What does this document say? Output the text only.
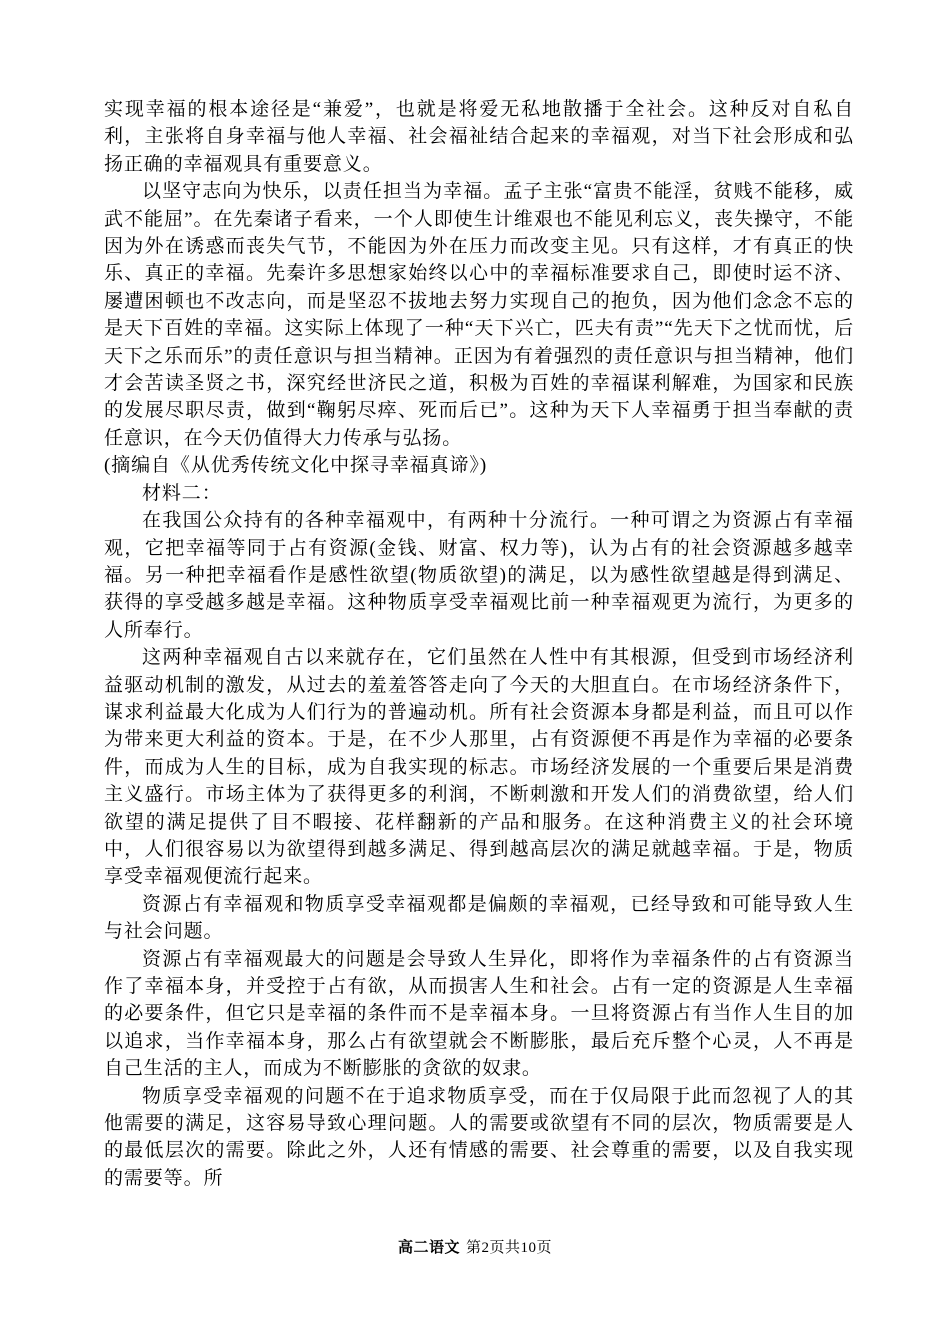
实现幸福的根本途径是“兼爱”，也就是将爱无私地散播于全社会。这种反对自私自利，主张将自身幸福与他人幸福、社会福祉结合起来的幸福观，对当下社会形成和弘扬正确的幸福观具有重要意义。

以坚守志向为快乐，以责任担当为幸福。孟子主张“富贵不能淫，贫贱不能移，威武不能屈”。在先秦诸子看来，一个人即使生计维艰也不能见利忘义，丧失操守，不能因为外在诱惑而丧失气节，不能因为外在压力而改变主见。只有这样，才有真正的快乐、真正的幸福。先秦许多思想家始终以心中的幸福标准要求自己，即使时运不济、屡遭困顿也不改志向，而是坚忍不拔地去努力实现自己的抱负，因为他们念念不忘的是天下百姓的幸福。这实际上体现了一种“天下兴亡，匹夫有责”“先天下之忧而忧，后天下之乐而乐”的责任意识与担当精神。正因为有着强烈的责任意识与担当精神，他们才会苦读圣贤之书，深究经世济民之道，积极为百姓的幸福谋利解难，为国家和民族的发展尽职尽责，做到“鞠躬尽瘁、死而后已”。这种为天下人幸福勇于担当奉献的责任意识，在今天仍值得大力传承与弘扬。

(摘编自《从优秀传统文化中探寻幸福真谛》)

材料二：

在我国公众持有的各种幸福观中，有两种十分流行。一种可谓之为资源占有幸福观，它把幸福等同于占有资源(金钱、财富、权力等)，认为占有的社会资源越多越幸福。另一种把幸福看作是感性欲望(物质欲望)的满足，以为感性欲望越是得到满足、获得的享受越多越是幸福。这种物质享受幸福观比前一种幸福观更为流行，为更多的人所奉行。

这两种幸福观自古以来就存在，它们虽然在人性中有其根源，但受到市场经济利益驱动机制的激发，从过去的羞羞答答走向了今天的大胆直白。在市场经济条件下，谋求利益最大化成为人们行为的普遍动机。所有社会资源本身都是利益，而且可以作为带来更大利益的资本。于是，在不少人那里，占有资源便不再是作为幸福的必要条件，而成为人生的目标，成为自我实现的标志。市场经济发展的一个重要后果是消费主义盛行。市场主体为了获得更多的利润，不断刺激和开发人们的消费欲望，给人们欲望的满足提供了目不暇接、花样翻新的产品和服务。在这种消费主义的社会环境中，人们很容易以为欲望得到越多满足、得到越高层次的满足就越幸福。于是，物质享受幸福观便流行起来。

资源占有幸福观和物质享受幸福观都是偏颇的幸福观，已经导致和可能导致人生与社会问题。

资源占有幸福观最大的问题是会导致人生异化，即将作为幸福条件的占有资源当作了幸福本身，并受控于占有欲，从而损害人生和社会。占有一定的资源是人生幸福的必要条件，但它只是幸福的条件而不是幸福本身。一旦将资源占有当作人生目的加以追求，当作幸福本身，那么占有欲望就会不断膨胀，最后充斥整个心灵，人不再是自己生活的主人，而成为不断膨胀的贪欲的奴隶。

物质享受幸福观的问题不在于追求物质享受，而在于仅局限于此而忽视了人的其他需要的满足，这容易导致心理问题。人的需要或欲望有不同的层次，物质需要是人的最低层次的需要。除此之外，人还有情感的需要、社会尊重的需要，以及自我实现的需要等。所

高二语文 第2页共10页
